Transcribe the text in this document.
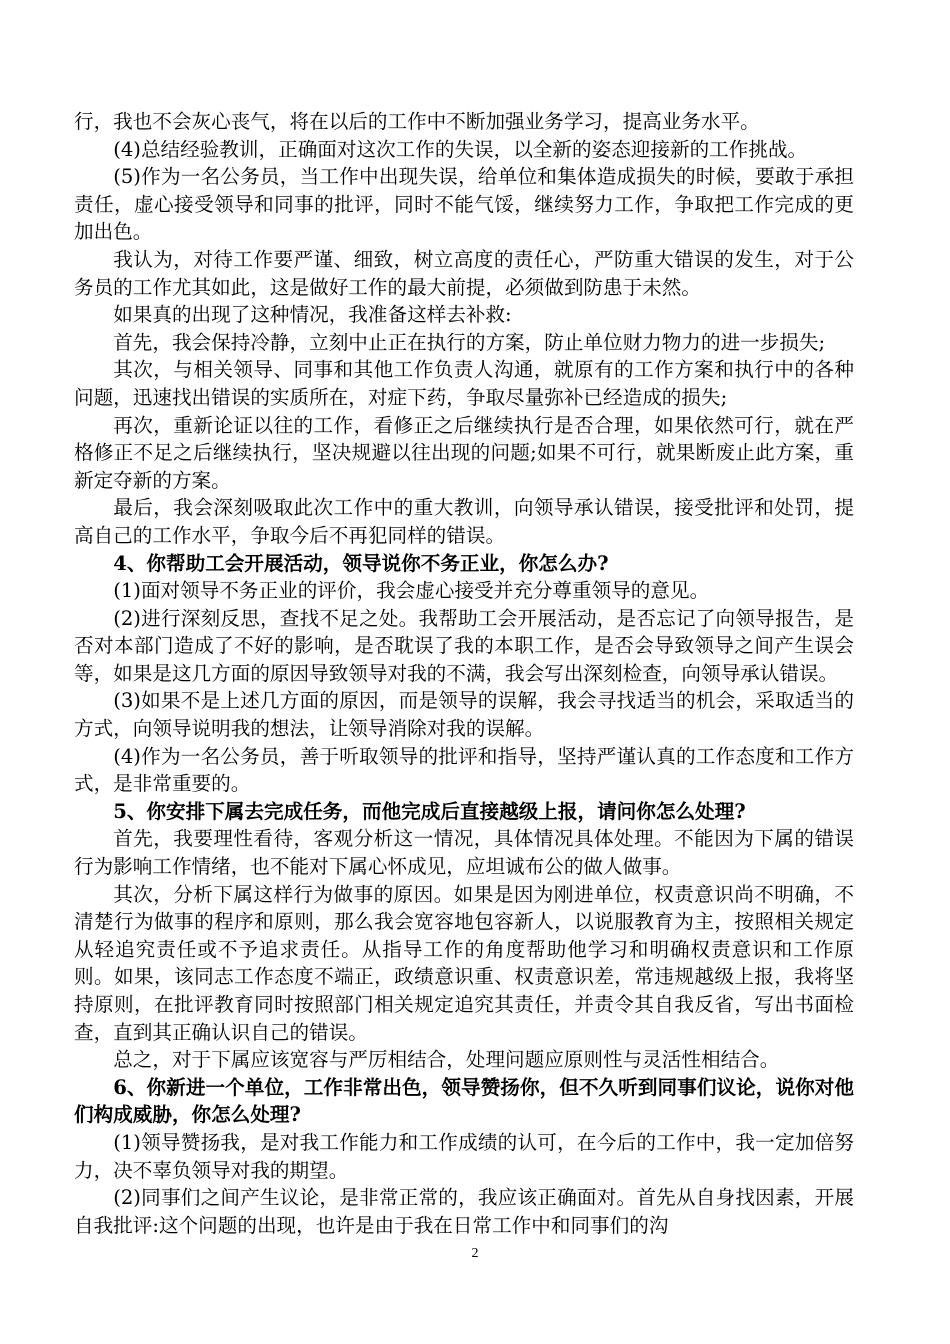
行，我也不会灰心丧气，将在以后的工作中不断加强业务学习，提高业务水平。

(4)总结经验教训，正确面对这次工作的失误，以全新的姿态迎接新的工作挑战。

(5)作为一名公务员，当工作中出现失误，给单位和集体造成损失的时候，要敢于承担责任，虚心接受领导和同事的批评，同时不能气馁，继续努力工作，争取把工作完成的更加出色。

我认为，对待工作要严谨、细致，树立高度的责任心，严防重大错误的发生，对于公务员的工作尤其如此，这是做好工作的最大前提，必须做到防患于未然。

如果真的出现了这种情况，我准备这样去补救:

首先，我会保持冷静，立刻中止正在执行的方案，防止单位财力物力的进一步损失;

其次，与相关领导、同事和其他工作负责人沟通，就原有的工作方案和执行中的各种问题，迅速找出错误的实质所在，对症下药，争取尽量弥补已经造成的损失;

再次，重新论证以往的工作，看修正之后继续执行是否合理，如果依然可行，就在严格修正不足之后继续执行，坚决规避以往出现的问题;如果不可行，就果断废止此方案，重新定夺新的方案。

最后，我会深刻吸取此次工作中的重大教训，向领导承认错误，接受批评和处罚，提高自己的工作水平，争取今后不再犯同样的错误。

4、你帮助工会开展活动，领导说你不务正业，你怎么办?

(1)面对领导不务正业的评价，我会虚心接受并充分尊重领导的意见。

(2)进行深刻反思，查找不足之处。我帮助工会开展活动，是否忘记了向领导报告，是否对本部门造成了不好的影响，是否耽误了我的本职工作，是否会导致领导之间产生误会等，如果是这几方面的原因导致领导对我的不满，我会写出深刻检查，向领导承认错误。

(3)如果不是上述几方面的原因，而是领导的误解，我会寻找适当的机会，采取适当的方式，向领导说明我的想法，让领导消除对我的误解。

(4)作为一名公务员，善于听取领导的批评和指导，坚持严谨认真的工作态度和工作方式，是非常重要的。

5、你安排下属去完成任务，而他完成后直接越级上报，请问你怎么处理?

首先，我要理性看待，客观分析这一情况，具体情况具体处理。不能因为下属的错误行为影响工作情绪，也不能对下属心怀成见，应坦诚布公的做人做事。

其次，分析下属这样行为做事的原因。如果是因为刚进单位，权责意识尚不明确，不清楚行为做事的程序和原则，那么我会宽容地包容新人，以说服教育为主，按照相关规定从轻追究责任或不予追求责任。从指导工作的角度帮助他学习和明确权责意识和工作原则。如果，该同志工作态度不端正，政绩意识重、权责意识差，常违规越级上报，我将坚持原则，在批评教育同时按照部门相关规定追究其责任，并责令其自我反省，写出书面检查，直到其正确认识自己的错误。

总之，对于下属应该宽容与严厉相结合，处理问题应原则性与灵活性相结合。

6、你新进一个单位，工作非常出色，领导赞扬你，但不久听到同事们议论，说你对他们构成威胁，你怎么处理?

(1)领导赞扬我，是对我工作能力和工作成绩的认可，在今后的工作中，我一定加倍努力，决不辜负领导对我的期望。

(2)同事们之间产生议论，是非常正常的，我应该正确面对。首先从自身找因素，开展自我批评:这个问题的出现，也许是由于我在日常工作中和同事们的沟

2
